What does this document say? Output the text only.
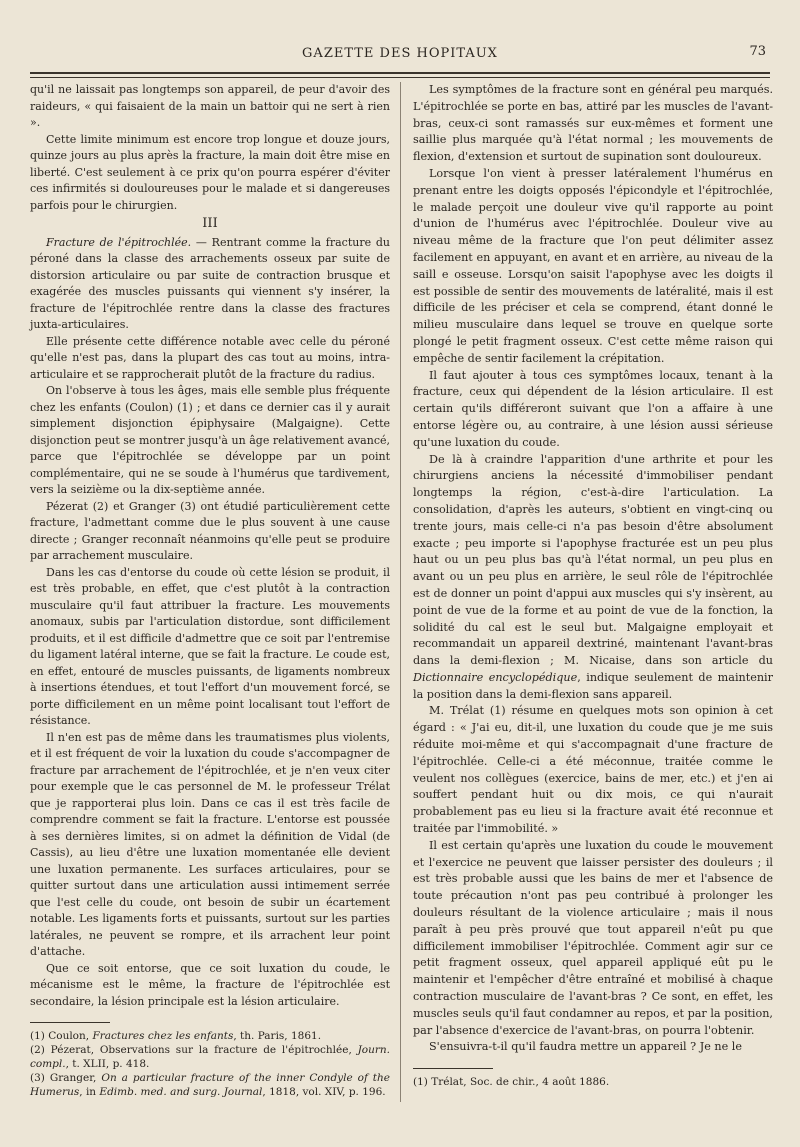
GAZETTE DES HOPITAUX	73

qu'il ne laissait pas longtemps son appareil, de peur d'avoir des raideurs, « qui faisaient de la main un battoir qui ne sert à rien ».

Cette limite minimum est encore trop longue et douze jours, quinze jours au plus après la fracture, la main doit être mise en liberté. C'est seulement à ce prix qu'on pourra espérer d'éviter ces infirmités si douloureuses pour le malade et si dangereuses parfois pour le chirurgien.

III

Fracture de l'épitrochlée. — Rentrant comme la fracture du péroné dans la classe des arrachements osseux par suite de distorsion articulaire ou par suite de contraction brusque et exagérée des muscles puissants qui viennent s'y insérer, la fracture de l'épitrochlée rentre dans la classe des fractures juxta-articulaires.

Elle présente cette différence notable avec celle du péroné qu'elle n'est pas, dans la plupart des cas tout au moins, intra-articulaire et se rapprocherait plutôt de la fracture du radius.

On l'observe à tous les âges, mais elle semble plus fréquente chez les enfants (Coulon) (1) ; et dans ce dernier cas il y aurait simplement disjonction épiphysaire (Malgaigne). Cette disjonction peut se montrer jusqu'à un âge relativement avancé, parce que l'épitrochlée se développe par un point complémentaire, qui ne se soude à l'humérus que tardivement, vers la seizième ou la dix-septième année.

Pézerat (2) et Granger (3) ont étudié particulièrement cette fracture, l'admettant comme due le plus souvent à une cause directe ; Granger reconnaît néanmoins qu'elle peut se produire par arrachement musculaire.

Dans les cas d'entorse du coude où cette lésion se produit, il est très probable, en effet, que c'est plutôt à la contraction musculaire qu'il faut attribuer la fracture. Les mouvements anomaux, subis par l'articulation distordue, sont difficilement produits, et il est difficile d'admettre que ce soit par l'entremise du ligament latéral interne, que se fait la fracture. Le coude est, en effet, entouré de muscles puissants, de ligaments nombreux à insertions étendues, et tout l'effort d'un mouvement forcé, se porte difficilement en un même point localisant tout l'effort de résistance.

Il n'en est pas de même dans les traumatismes plus violents, et il est fréquent de voir la luxation du coude s'accompagner de fracture par arrachement de l'épitrochlée, et je n'en veux citer pour exemple que le cas personnel de M. le professeur Trélat que je rapporterai plus loin. Dans ce cas il est très facile de comprendre comment se fait la fracture. L'entorse est poussée à ses dernières limites, si on admet la définition de Vidal (de Cassis), au lieu d'être une luxation momentanée elle devient une luxation permanente. Les surfaces articulaires, pour se quitter surtout dans une articulation aussi intimement serrée que l'est celle du coude, ont besoin de subir un écartement notable. Les ligaments forts et puissants, surtout sur les parties latérales, ne peuvent se rompre, et ils arrachent leur point d'attache.

Que ce soit entorse, que ce soit luxation du coude, le mécanisme est le même, la fracture de l'épitrochlée est secondaire, la lésion principale est la lésion articulaire.

(1) Coulon, Fractures chez les enfants, th. Paris, 1861.

(2) Pézerat, Observations sur la fracture de l'épitrochlée, Journ. compl., t. XLII, p. 418.

(3) Granger, On a particular fracture of the inner Condyle of the Humerus, in Edimb. med. and surg. Journal, 1818, vol. XIV, p. 196.

Les symptômes de la fracture sont en général peu marqués. L'épitrochlée se porte en bas, attiré par les muscles de l'avant-bras, ceux-ci sont ramassés sur eux-mêmes et forment une saillie plus marquée qu'à l'état normal ; les mouvements de flexion, d'extension et surtout de supination sont douloureux.

Lorsque l'on vient à presser latéralement l'humérus en prenant entre les doigts opposés l'épicondyle et l'épitrochlée, le malade perçoit une douleur vive qu'il rapporte au point d'union de l'humérus avec l'épitrochlée. Douleur vive au niveau même de la fracture que l'on peut délimiter assez facilement en appuyant, en avant et en arrière, au niveau de la saill e osseuse. Lorsqu'on saisit l'apophyse avec les doigts il est possible de sentir des mouvements de latéralité, mais il est difficile de les préciser et cela se comprend, étant donné le milieu musculaire dans lequel se trouve en quelque sorte plongé le petit fragment osseux. C'est cette même raison qui empêche de sentir facilement la crépitation.

Il faut ajouter à tous ces symptômes locaux, tenant à la fracture, ceux qui dépendent de la lésion articulaire. Il est certain qu'ils différeront suivant que l'on a affaire à une entorse légère ou, au contraire, à une lésion aussi sérieuse qu'une luxation du coude.

De là à craindre l'apparition d'une arthrite et pour les chirurgiens anciens la nécessité d'immobiliser pendant longtemps la région, c'est-à-dire l'articulation. La consolidation, d'après les auteurs, s'obtient en vingt-cinq ou trente jours, mais celle-ci n'a pas besoin d'être absolument exacte ; peu importe si l'apophyse fracturée est un peu plus haut ou un peu plus bas qu'à l'état normal, un peu plus en avant ou un peu plus en arrière, le seul rôle de l'épitrochlée est de donner un point d'appui aux muscles qui s'y insèrent, au point de vue de la forme et au point de vue de la fonction, la solidité du cal est le seul but. Malgaigne employait et recommandait un appareil dextriné, maintenant l'avant-bras dans la demi-flexion ; M. Nicaise, dans son article du Dictionnaire encyclopédique, indique seulement de maintenir la position dans la demi-flexion sans appareil.

M. Trélat (1) résume en quelques mots son opinion à cet égard : « J'ai eu, dit-il, une luxation du coude que je me suis réduite moi-même et qui s'accompagnait d'une fracture de l'épitrochlée. Celle-ci a été méconnue, traitée comme le veulent nos collègues (exercice, bains de mer, etc.) et j'en ai souffert pendant huit ou dix mois, ce qui n'aurait probablement pas eu lieu si la fracture avait été reconnue et traitée par l'immobilité. »

Il est certain qu'après une luxation du coude le mouvement et l'exercice ne peuvent que laisser persister des douleurs ; il est très probable aussi que les bains de mer et l'absence de toute précaution n'ont pas peu contribué à prolonger les douleurs résultant de la violence articulaire ; mais il nous paraît à peu près prouvé que tout appareil n'eût pu que difficilement immobiliser l'épitrochlée. Comment agir sur ce petit fragment osseux, quel appareil appliqué eût pu le maintenir et l'empêcher d'être entraîné et mobilisé à chaque contraction musculaire de l'avant-bras ? Ce sont, en effet, les muscles seuls qu'il faut condamner au repos, et par la position, par l'absence d'exercice de l'avant-bras, on pourra l'obtenir.

S'ensuivra-t-il qu'il faudra mettre un appareil ? Je ne le

(1) Trélat, Soc. de chir., 4 août 1886.
